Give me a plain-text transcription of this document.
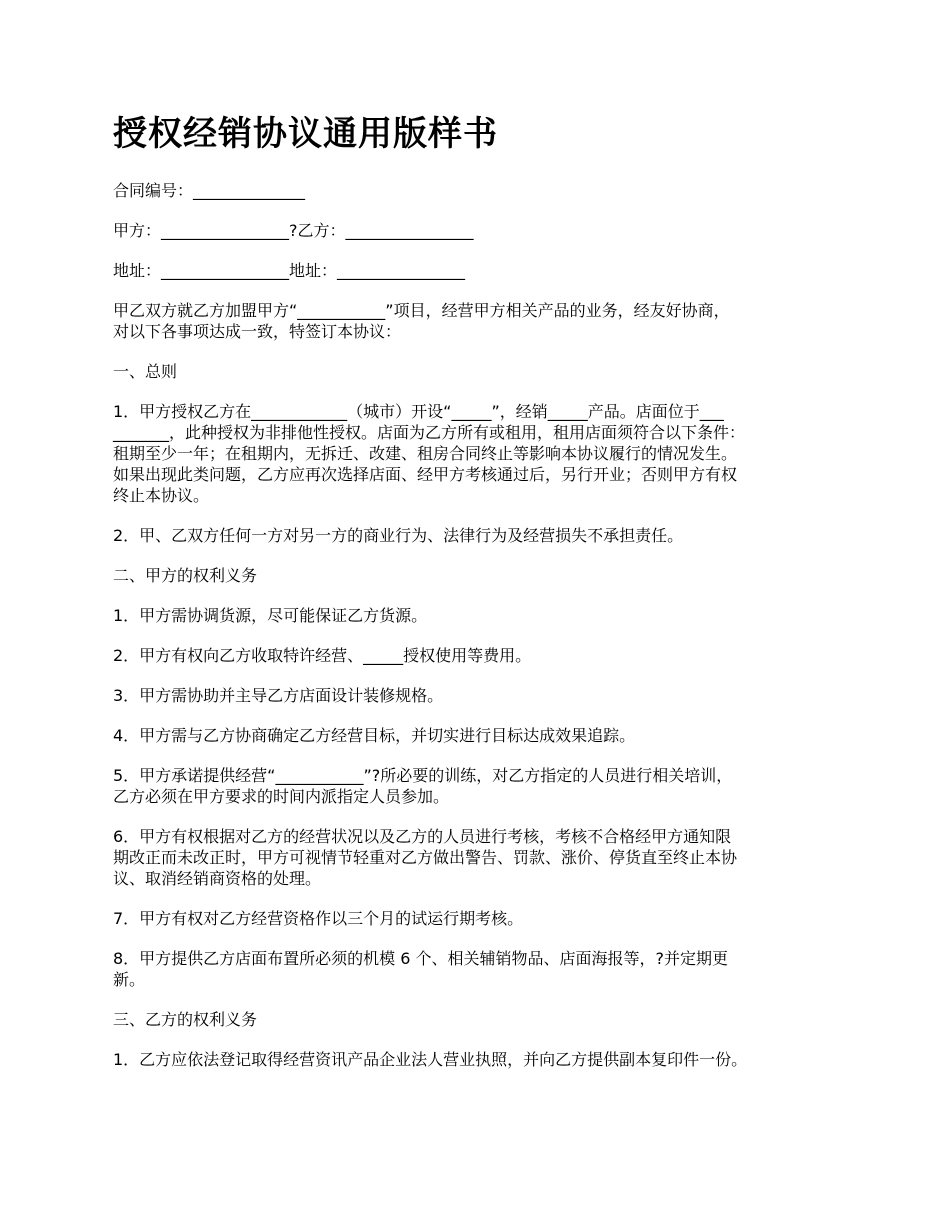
授权经销协议通用版样书

合同编号：______________

甲方：________________?乙方：________________

地址：________________地址：________________

甲乙双方就乙方加盟甲方“___________”项目，经营甲方相关产品的业务，经友好协商，
对以下各事项达成一致，特签订本协议：

一、总则

1．甲方授权乙方在____________（城市）开设“_____”，经销_____产品。店面位于___
_______，此种授权为非排他性授权。店面为乙方所有或租用，租用店面须符合以下条件：
租期至少一年；在租期内，无拆迁、改建、租房合同终止等影响本协议履行的情况发生。
如果出现此类问题，乙方应再次选择店面、经甲方考核通过后，另行开业；否则甲方有权
终止本协议。

2．甲、乙双方任何一方对另一方的商业行为、法律行为及经营损失不承担责任。

二、甲方的权利义务

1．甲方需协调货源，尽可能保证乙方货源。

2．甲方有权向乙方收取特许经营、_____授权使用等费用。

3．甲方需协助并主导乙方店面设计装修规格。

4．甲方需与乙方协商确定乙方经营目标，并切实进行目标达成效果追踪。

5．甲方承诺提供经营“___________”?所必要的训练，对乙方指定的人员进行相关培训，
乙方必须在甲方要求的时间内派指定人员参加。

6．甲方有权根据对乙方的经营状况以及乙方的人员进行考核，考核不合格经甲方通知限
期改正而未改正时，甲方可视情节轻重对乙方做出警告、罚款、涨价、停货直至终止本协
议、取消经销商资格的处理。

7．甲方有权对乙方经营资格作以三个月的试运行期考核。

8．甲方提供乙方店面布置所必须的机模 6 个、相关辅销物品、店面海报等，?并定期更
新。

三、乙方的权利义务

1．乙方应依法登记取得经营资讯产品企业法人营业执照，并向乙方提供副本复印件一份。
